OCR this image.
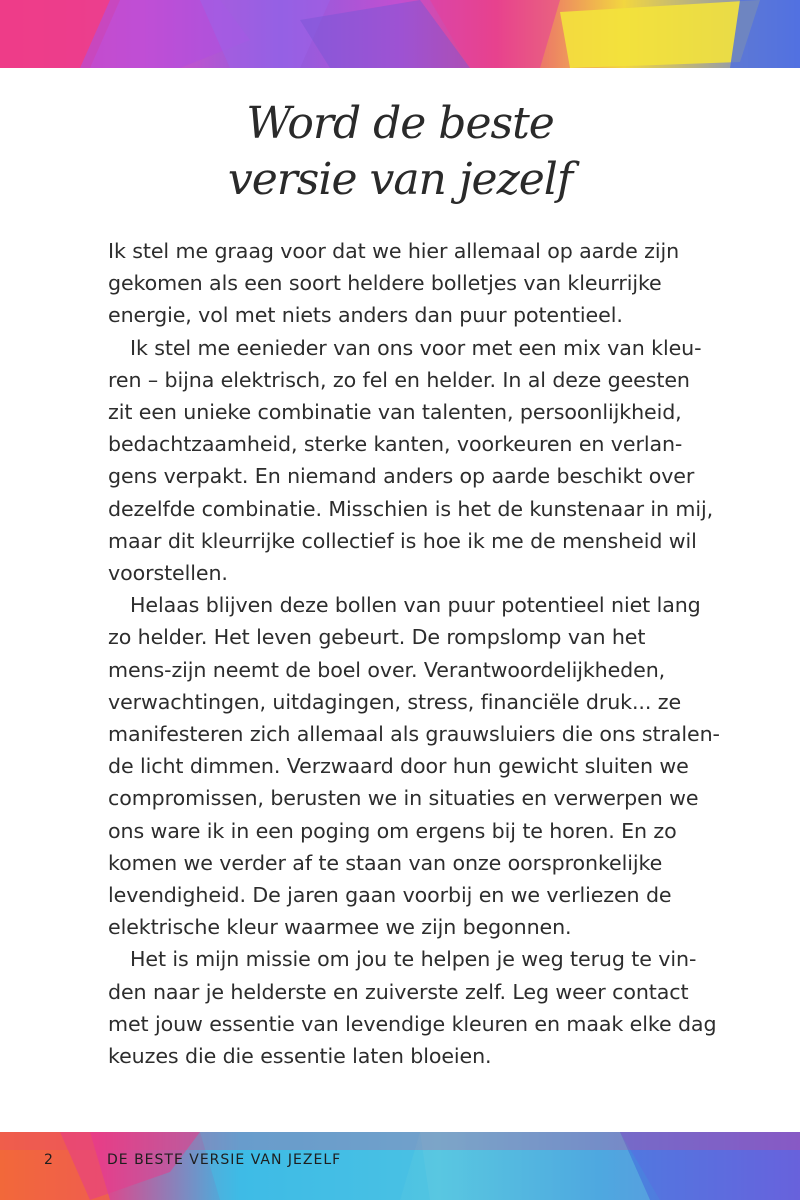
Word de beste
versie van jezelf
Ik stel me graag voor dat we hier allemaal op aarde zijn
gekomen als een soort heldere bolletjes van kleurrijke
energie, vol met niets anders dan puur potentieel.
Ik stel me eenieder van ons voor met een mix van kleu-
ren – bijna elektrisch, zo fel en helder. In al deze geesten
zit een unieke combinatie van talenten, persoonlijkheid,
bedachtzaamheid, sterke kanten, voorkeuren en verlan-
gens verpakt. En niemand anders op aarde beschikt over
dezelfde combinatie. Misschien is het de kunstenaar in mij,
maar dit kleurrijke collectief is hoe ik me de mensheid wil
voorstellen.
Helaas blijven deze bollen van puur potentieel niet lang
zo helder. Het leven gebeurt. De rompslomp van het
mens-zijn neemt de boel over. Verantwoordelijkheden,
verwachtingen, uitdagingen, stress, financiële druk... ze
manifesteren zich allemaal als grauwsluiers die ons stralen-
de licht dimmen. Verzwaard door hun gewicht sluiten we
compromissen, berusten we in situaties en verwerpen we
ons ware ik in een poging om ergens bij te horen. En zo
komen we verder af te staan van onze oorspronkelijke
levendigheid. De jaren gaan voorbij en we verliezen de
elektrische kleur waarmee we zijn begonnen.
Het is mijn missie om jou te helpen je weg terug te vin-
den naar je helderste en zuiverste zelf. Leg weer contact
met jouw essentie van levendige kleuren en maak elke dag
keuzes die die essentie laten bloeien.
2	DE BESTE VERSIE VAN JEZELF
